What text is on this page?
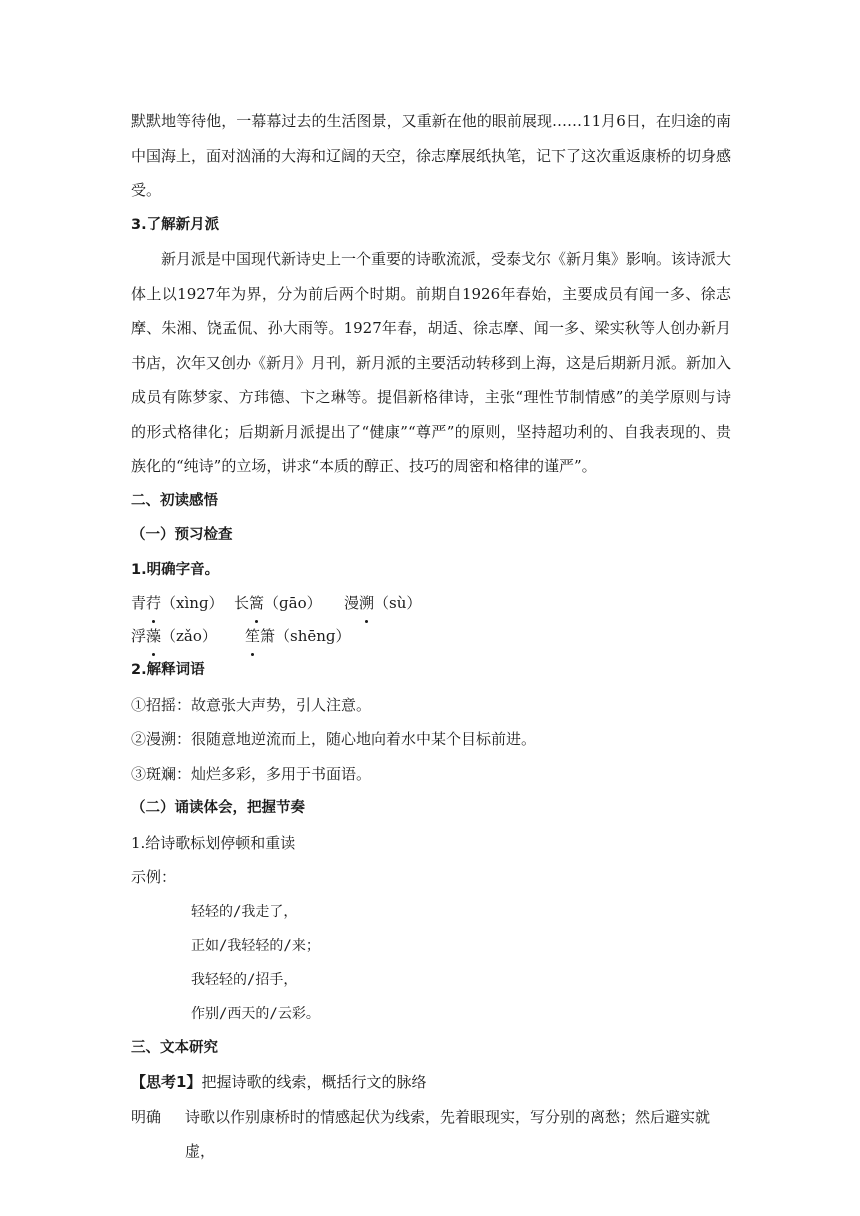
默默地等待他，一幕幕过去的生活图景，又重新在他的眼前展现……11月6日，在归途的南中国海上，面对汹涌的大海和辽阔的天空，徐志摩展纸执笔，记下了这次重返康桥的切身感受。

3.了解新月派

新月派是中国现代新诗史上一个重要的诗歌流派，受泰戈尔《新月集》影响。该诗派大体上以1927年为界，分为前后两个时期。前期自1926年春始，主要成员有闻一多、徐志摩、朱湘、饶孟侃、孙大雨等。1927年春，胡适、徐志摩、闻一多、梁实秋等人创办新月书店，次年又创办《新月》月刊，新月派的主要活动转移到上海，这是后期新月派。新加入成员有陈梦家、方玮德、卞之琳等。提倡新格律诗，主张“理性节制情感”的美学原则与诗的形式格律化；后期新月派提出了“健康”“尊严”的原则，坚持超功利的、自我表现的、贵族化的“纯诗”的立场，讲求“本质的醇正、技巧的周密和格律的谨严”。

二、初读感悟

（一）预习检查

1.明确字音。

青荇（xìnɡ） 长篙（ɡāo） 漫溯（sù）

浮藻（zǎo） 笙箫（shēnɡ）

2.解释词语

①招摇：故意张大声势，引人注意。

②漫溯：很随意地逆流而上，随心地向着水中某个目标前进。

③斑斓：灿烂多彩，多用于书面语。

（二）诵读体会，把握节奏

1.给诗歌标划停顿和重读

示例：

轻轻的/我走了，

正如/我轻轻的/来；

我轻轻的/招手，

作别/西天的/云彩。

三、文本研究

【思考1】把握诗歌的线索，概括行文的脉络

明确	诗歌以作别康桥时的情感起伏为线索，先着眼现实，写分别的离愁；然后避实就虚，
